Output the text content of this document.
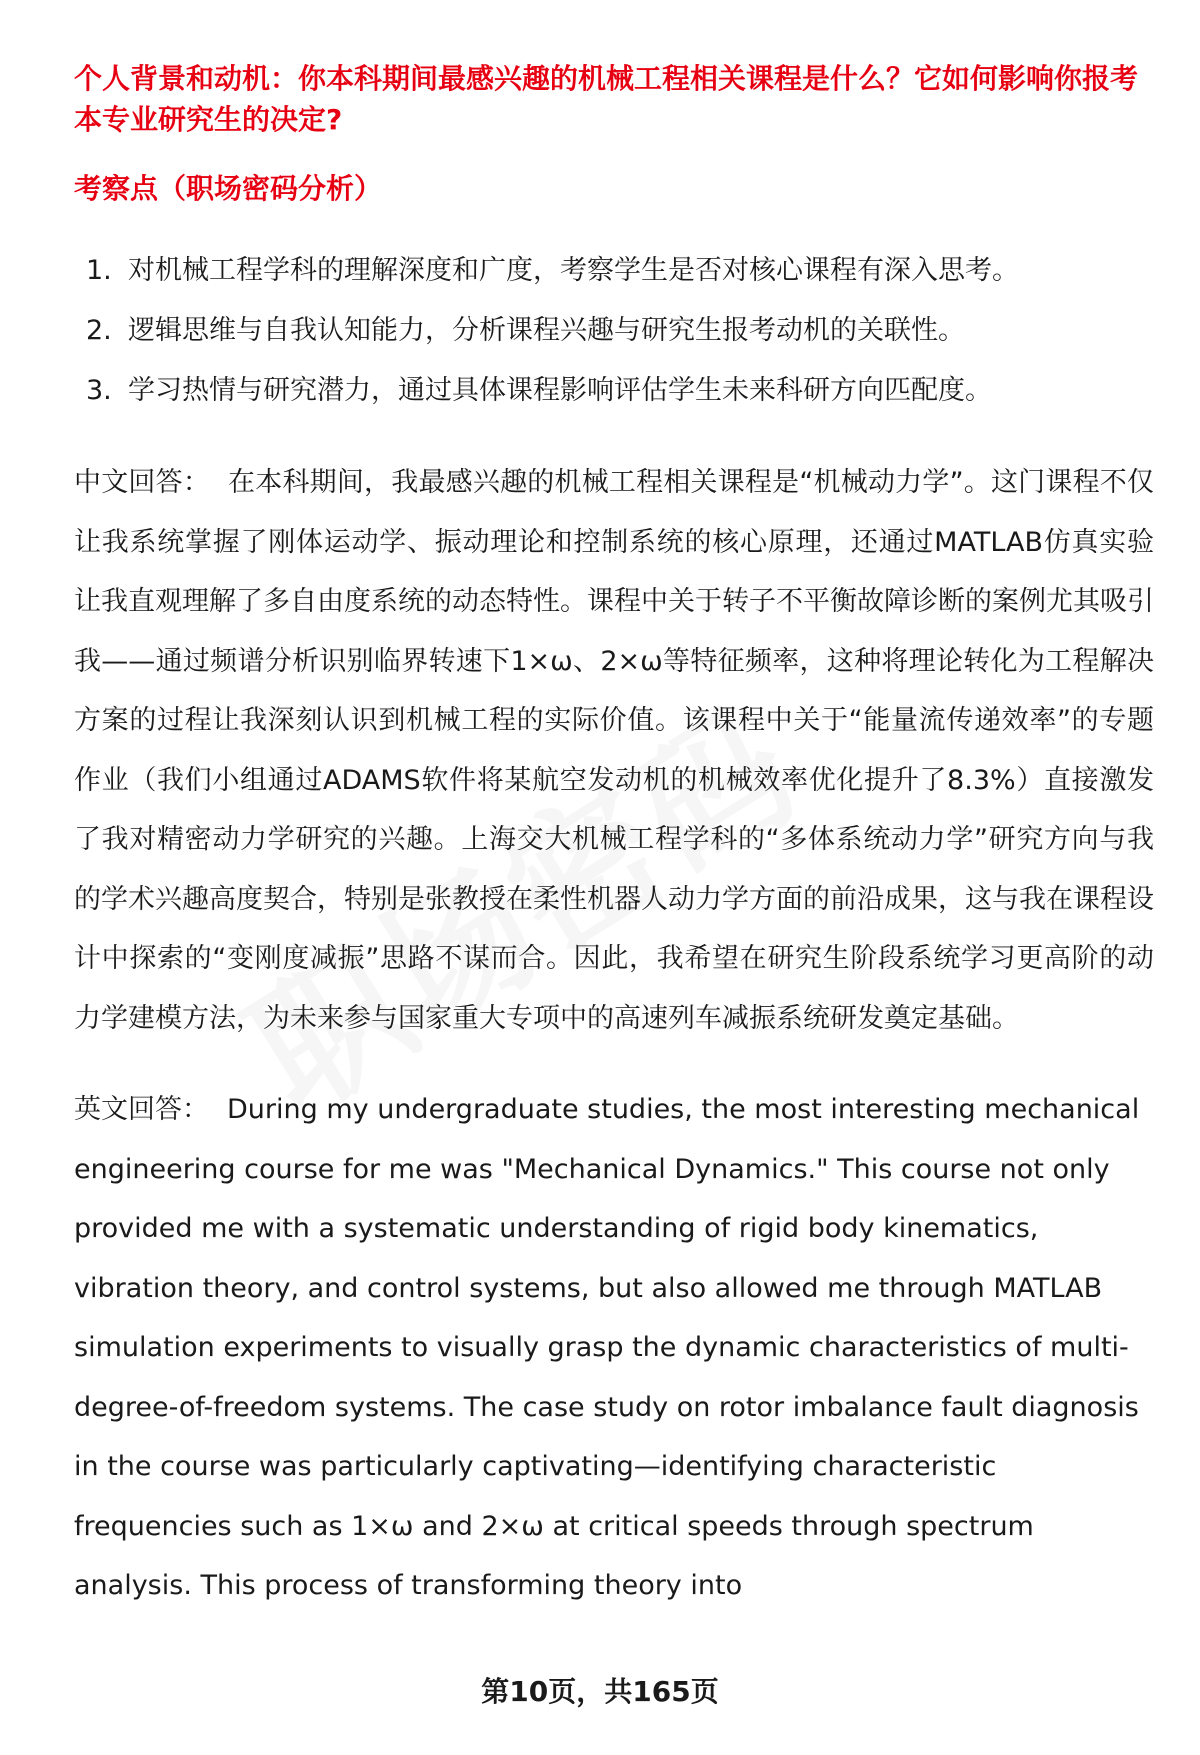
个人背景和动机：你本科期间最感兴趣的机械工程相关课程是什么？它如何影响你报考本专业研究生的决定?

考察点（职场密码分析）

1. 对机械工程学科的理解深度和广度，考察学生是否对核心课程有深入思考。
2. 逻辑思维与自我认知能力，分析课程兴趣与研究生报考动机的关联性。
3. 学习热情与研究潜力，通过具体课程影响评估学生未来科研方向匹配度。

中文回答： 在本科期间，我最感兴趣的机械工程相关课程是“机械动力学”。这门课程不仅让我系统掌握了刚体运动学、振动理论和控制系统的核心原理，还通过MATLAB仿真实验让我直观理解了多自由度系统的动态特性。课程中关于转子不平衡故障诊断的案例尤其吸引我——通过频谱分析识别临界转速下1×ω、2×ω等特征频率，这种将理论转化为工程解决方案的过程让我深刻认识到机械工程的实际价值。该课程中关于“能量流传递效率”的专题作业（我们小组通过ADAMS软件将某航空发动机的机械效率优化提升了8.3%）直接激发了我对精密动力学研究的兴趣。上海交大机械工程学科的“多体系统动力学”研究方向与我的学术兴趣高度契合，特别是张教授在柔性机器人动力学方面的前沿成果，这与我在课程设计中探索的“变刚度减振”思路不谋而合。因此，我希望在研究生阶段系统学习更高阶的动力学建模方法，为未来参与国家重大专项中的高速列车减振系统研发奠定基础。

英文回答： During my undergraduate studies, the most interesting mechanical engineering course for me was "Mechanical Dynamics." This course not only provided me with a systematic understanding of rigid body kinematics, vibration theory, and control systems, but also allowed me through MATLAB simulation experiments to visually grasp the dynamic characteristics of multi-degree-of-freedom systems. The case study on rotor imbalance fault diagnosis in the course was particularly captivating—identifying characteristic frequencies such as 1×ω and 2×ω at critical speeds through spectrum analysis. This process of transforming theory into

第10页，共165页
